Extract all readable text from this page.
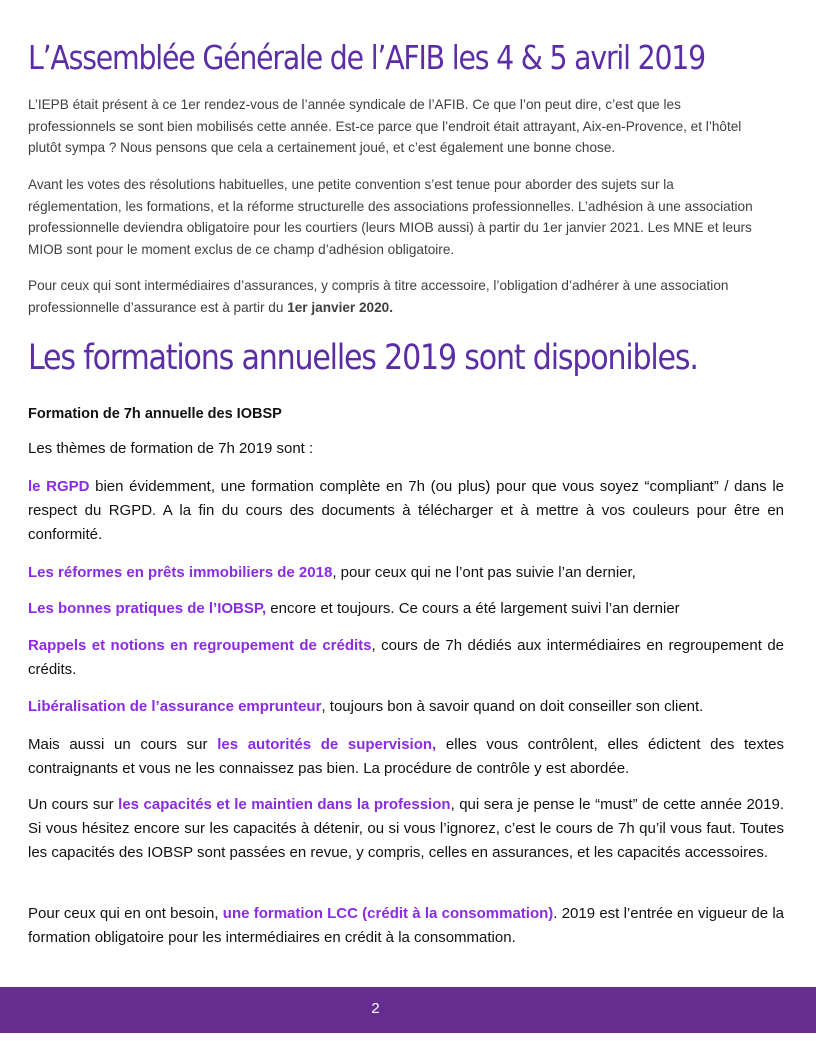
L’Assemblée Générale de l’AFIB les 4 & 5 avril 2019

L’IEPB était présent à ce 1er rendez-vous de l’année syndicale de l’AFIB. Ce que l’on peut dire, c’est que les professionnels se sont bien mobilisés cette année. Est-ce parce que l’endroit était attrayant, Aix-en-Provence, et l’hôtel plutôt sympa ? Nous pensons que cela a certainement joué, et c’est également une bonne chose.

Avant les votes des résolutions habituelles, une petite convention s’est tenue pour aborder des sujets sur la réglementation, les formations, et la réforme structurelle des associations professionnelles. L’adhésion à une association professionnelle deviendra obligatoire pour les courtiers (leurs MIOB aussi) à partir du 1er janvier 2021. Les MNE et leurs MIOB sont pour le moment exclus de ce champ d’adhésion obligatoire.

Pour ceux qui sont intermédiaires d’assurances, y compris à titre accessoire, l’obligation d’adhérer à une association professionnelle d’assurance est à partir du 1er janvier 2020.

Les formations annuelles 2019 sont disponibles.

Formation de 7h annuelle des IOBSP

Les thèmes de formation de 7h 2019 sont :

le RGPD bien évidemment, une formation complète en 7h (ou plus) pour que vous soyez “compliant” / dans le respect du RGPD. A la fin du cours des documents à télécharger et à mettre à vos couleurs pour être en conformité.

Les réformes en prêts immobiliers de 2018, pour ceux qui ne l’ont pas suivie l’an dernier,

Les bonnes pratiques de l’IOBSP, encore et toujours. Ce cours a été largement suivi l’an dernier

Rappels et notions en regroupement de crédits, cours de 7h dédiés aux intermédiaires en regroupement de crédits.

Libéralisation de l’assurance emprunteur, toujours bon à savoir quand on doit conseiller son client.

Mais aussi un cours sur les autorités de supervision, elles vous contrôlent, elles édictent des textes contraignants et vous ne les connaissez pas bien. La procédure de contrôle y est abordée.

Un cours sur les capacités et le maintien dans la profession, qui sera je pense le “must” de cette année 2019. Si vous hésitez encore sur les capacités à détenir, ou si vous l’ignorez, c’est le cours de 7h qu’il vous faut. Toutes les capacités des IOBSP sont passées en revue, y compris, celles en assurances, et les capacités accessoires.

Pour ceux qui en ont besoin, une formation LCC (crédit à la consommation). 2019 est l’entrée en vigueur de la formation obligatoire pour les intermédiaires en crédit à la consommation.

2
